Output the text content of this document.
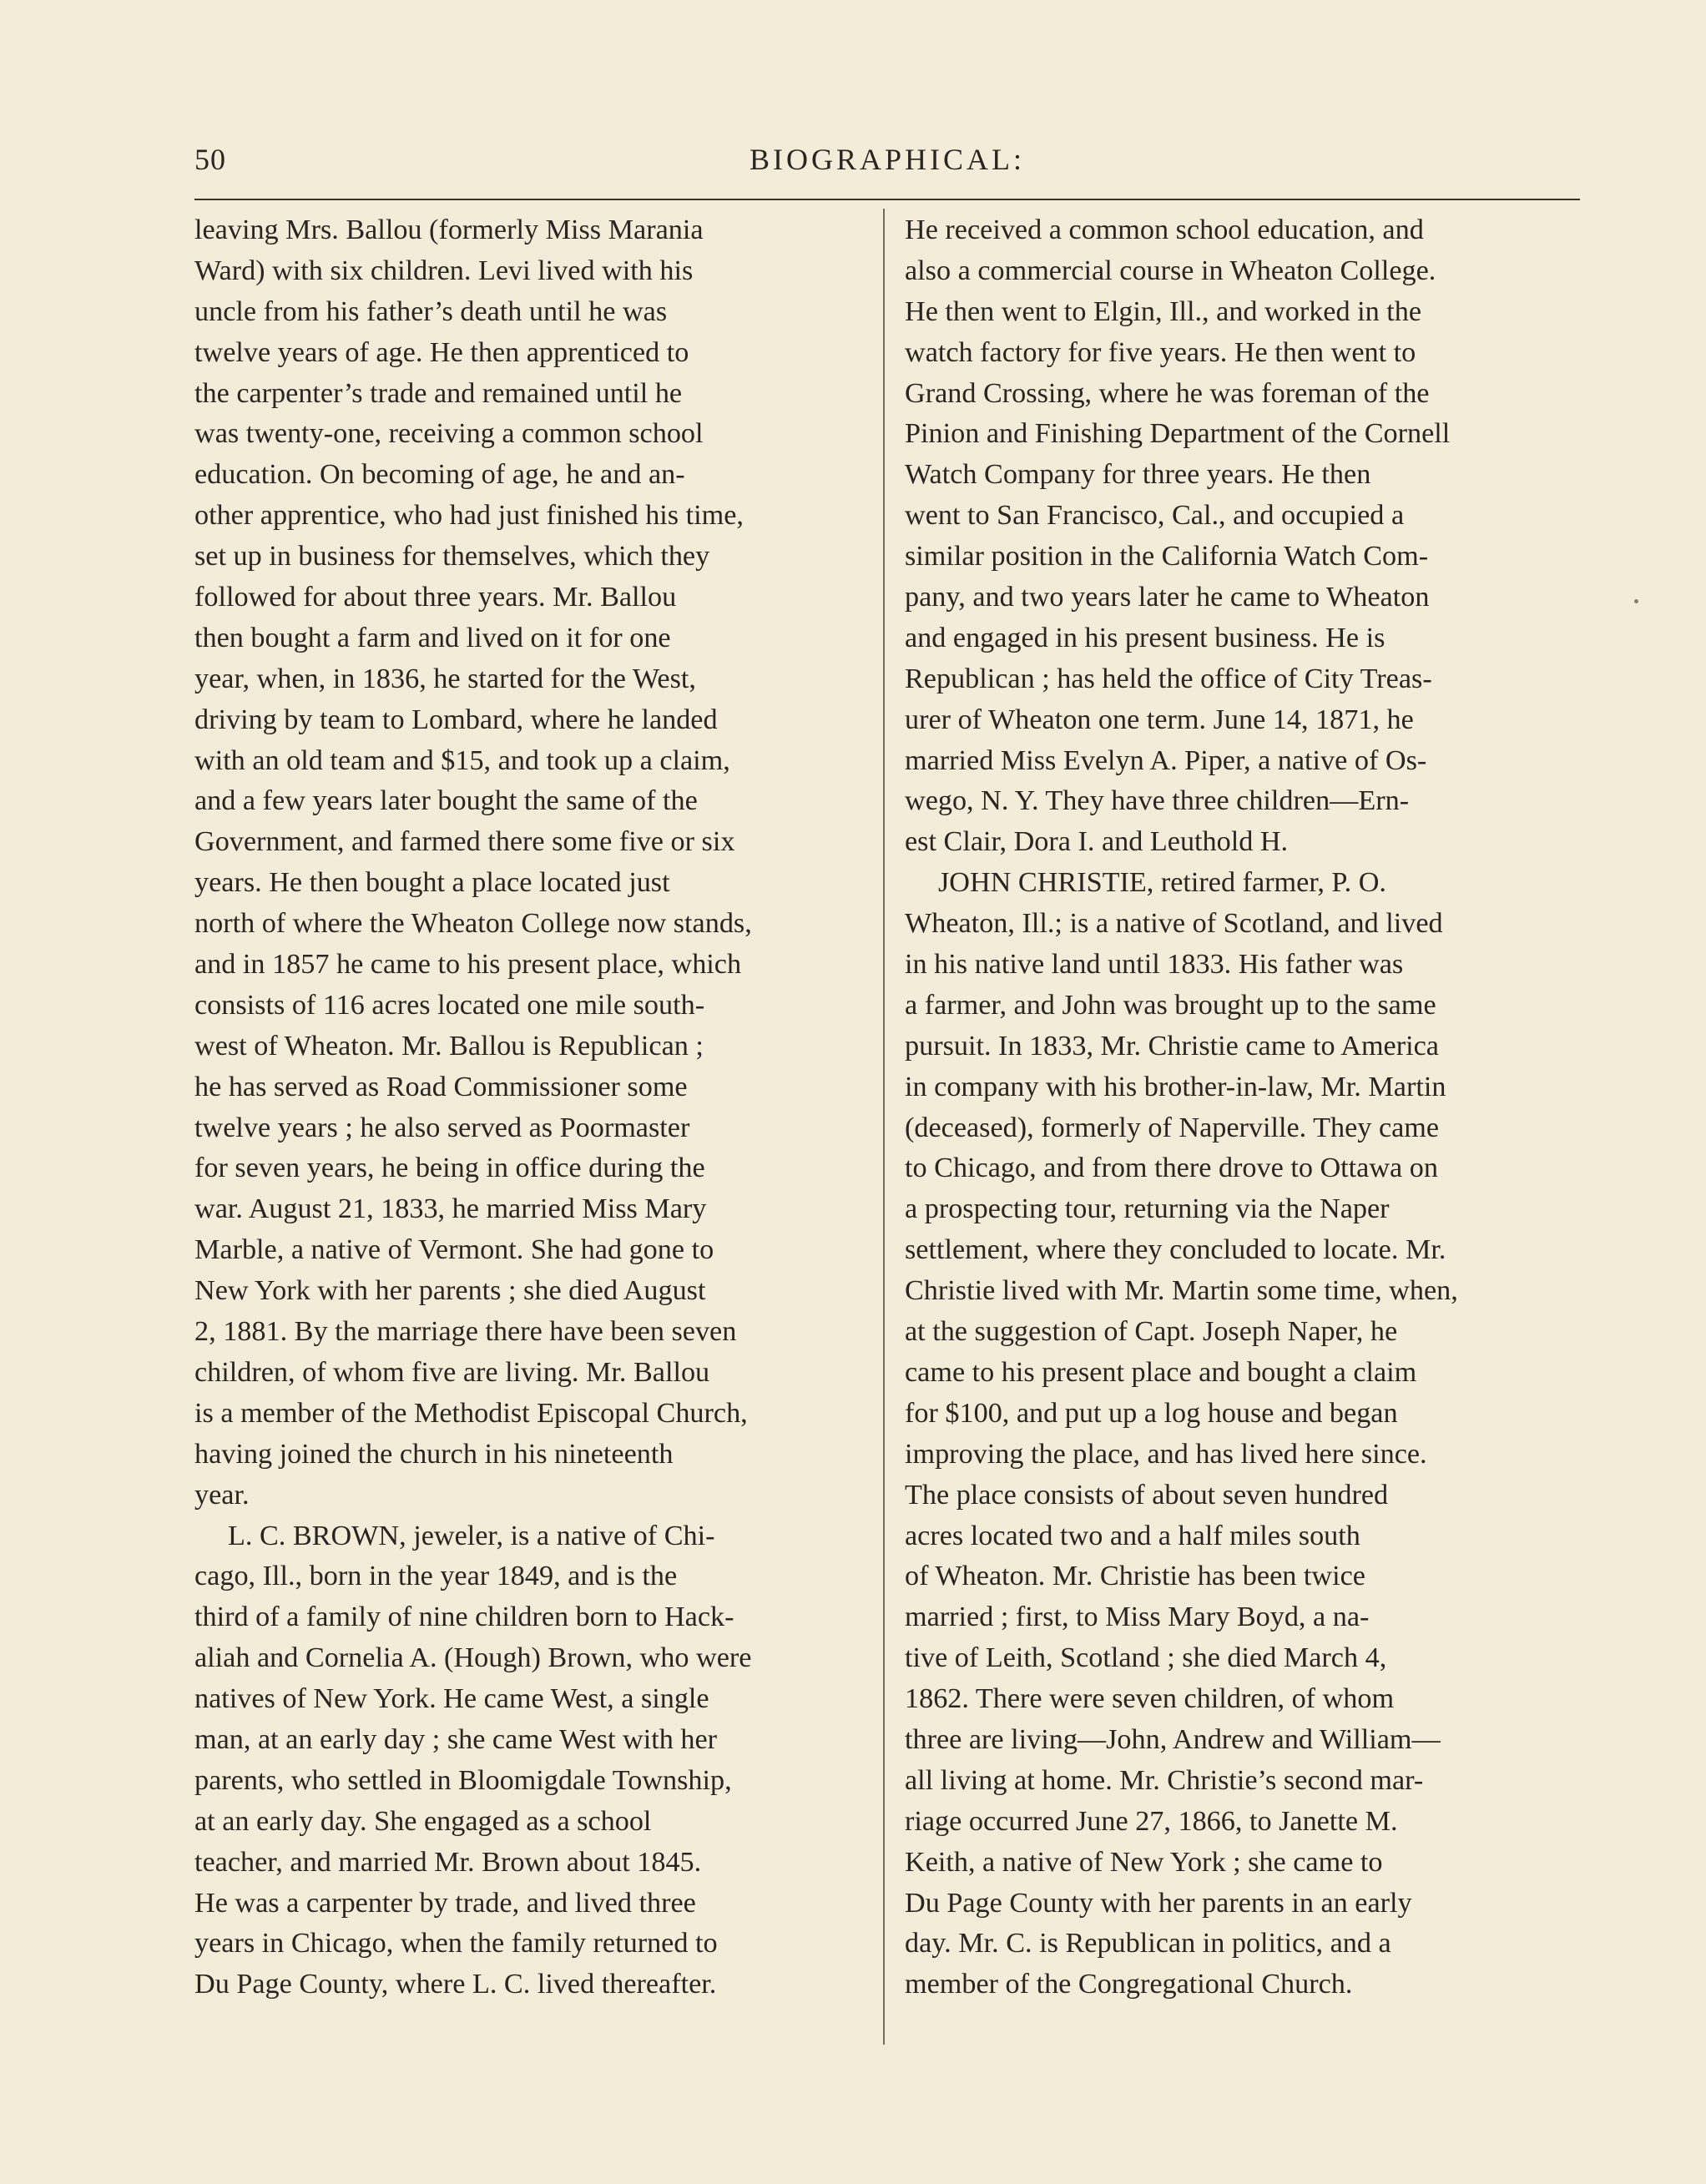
50	BIOGRAPHICAL:
leaving Mrs. Ballou (formerly Miss Marania
Ward) with six children. Levi lived with his
uncle from his father’s death until he was
twelve years of age. He then apprenticed to
the carpenter’s trade and remained until he
was twenty-one, receiving a common school
education. On becoming of age, he and an-
other apprentice, who had just finished his time,
set up in business for themselves, which they
followed for about three years. Mr. Ballou
then bought a farm and lived on it for one
year, when, in 1836, he started for the West,
driving by team to Lombard, where he landed
with an old team and $15, and took up a claim,
and a few years later bought the same of the
Government, and farmed there some five or six
years. He then bought a place located just
north of where the Wheaton College now stands,
and in 1857 he came to his present place, which
consists of 116 acres located one mile south-
west of Wheaton. Mr. Ballou is Republican ;
he has served as Road Commissioner some
twelve years ; he also served as Poormaster
for seven years, he being in office during the
war. August 21, 1833, he married Miss Mary
Marble, a native of Vermont. She had gone to
New York with her parents ; she died August
2, 1881. By the marriage there have been seven
children, of whom five are living. Mr. Ballou
is a member of the Methodist Episcopal Church,
having joined the church in his nineteenth
year.
L. C. BROWN, jeweler, is a native of Chi-
cago, Ill., born in the year 1849, and is the
third of a family of nine children born to Hack-
aliah and Cornelia A. (Hough) Brown, who were
natives of New York. He came West, a single
man, at an early day ; she came West with her
parents, who settled in Bloomigdale Township,
at an early day. She engaged as a school
teacher, and married Mr. Brown about 1845.
He was a carpenter by trade, and lived three
years in Chicago, when the family returned to
Du Page County, where L. C. lived thereafter.
He received a common school education, and
also a commercial course in Wheaton College.
He then went to Elgin, Ill., and worked in the
watch factory for five years. He then went to
Grand Crossing, where he was foreman of the
Pinion and Finishing Department of the Cornell
Watch Company for three years. He then
went to San Francisco, Cal., and occupied a
similar position in the California Watch Com-
pany, and two years later he came to Wheaton
and engaged in his present business. He is
Republican ; has held the office of City Treas-
urer of Wheaton one term. June 14, 1871, he
married Miss Evelyn A. Piper, a native of Os-
wego, N. Y. They have three children—Ern-
est Clair, Dora I. and Leuthold H.
JOHN CHRISTIE, retired farmer, P. O.
Wheaton, Ill.; is a native of Scotland, and lived
in his native land until 1833. His father was
a farmer, and John was brought up to the same
pursuit. In 1833, Mr. Christie came to America
in company with his brother-in-law, Mr. Martin
(deceased), formerly of Naperville. They came
to Chicago, and from there drove to Ottawa on
a prospecting tour, returning via the Naper
settlement, where they concluded to locate. Mr.
Christie lived with Mr. Martin some time, when,
at the suggestion of Capt. Joseph Naper, he
came to his present place and bought a claim
for $100, and put up a log house and began
improving the place, and has lived here since.
The place consists of about seven hundred
acres located two and a half miles south
of Wheaton. Mr. Christie has been twice
married ; first, to Miss Mary Boyd, a na-
tive of Leith, Scotland ; she died March 4,
1862. There were seven children, of whom
three are living—John, Andrew and William—
all living at home. Mr. Christie’s second mar-
riage occurred June 27, 1866, to Janette M.
Keith, a native of New York ; she came to
Du Page County with her parents in an early
day. Mr. C. is Republican in politics, and a
member of the Congregational Church.
